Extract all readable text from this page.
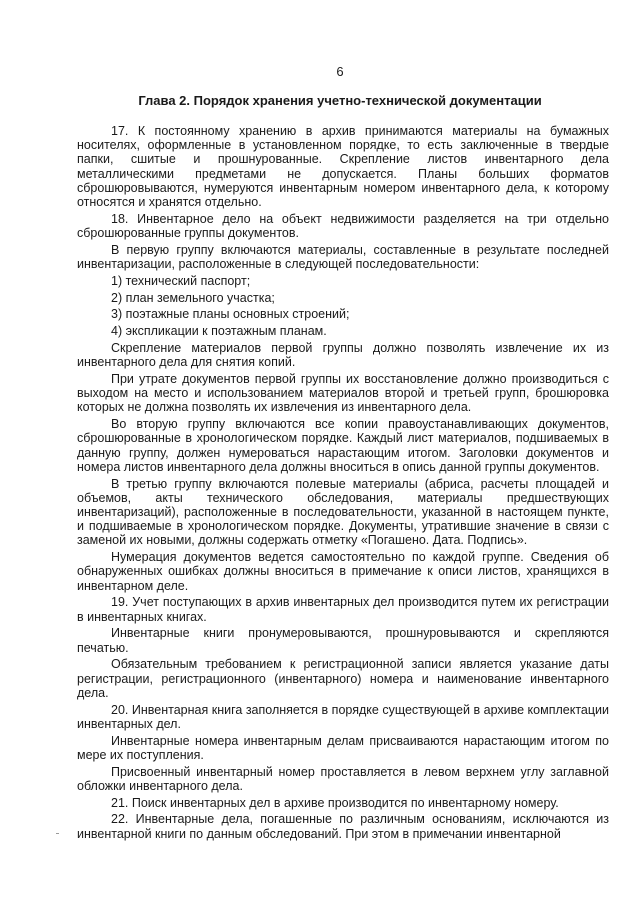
6
Глава 2. Порядок хранения учетно-технической документации

17. К постоянному хранению в архив принимаются материалы на бумажных носителях, оформленные в установленном порядке, то есть заключенные в твердые папки, сшитые и прошнурованные. Скрепление листов инвентарного дела металлическими предметами не допускается. Планы больших форматов сброшюровываются, нумеруются инвентарным номером инвентарного дела, к которому относятся и хранятся отдельно.

18. Инвентарное дело на объект недвижимости разделяется на три отдельно сброшюрованные группы документов.

В первую группу включаются материалы, составленные в результате последней инвентаризации, расположенные в следующей последовательности:

1) технический паспорт;

2) план земельного участка;

3) поэтажные планы основных строений;

4) экспликации к поэтажным планам.

Скрепление материалов первой группы должно позволять извлечение их из инвентарного дела для снятия копий.

При утрате документов первой группы их восстановление должно производиться с выходом на место и использованием материалов второй и третьей групп, брошюровка которых не должна позволять их извлечения из инвентарного дела.

Во вторую группу включаются все копии правоустанавливающих документов, сброшюрованные в хронологическом порядке. Каждый лист материалов, подшиваемых в данную группу, должен нумероваться нарастающим итогом. Заголовки документов и номера листов инвентарного дела должны вноситься в опись данной группы документов.

В третью группу включаются полевые материалы (абриса, расчеты площадей и объемов, акты технического обследования, материалы предшествующих инвентаризаций), расположенные в последовательности, указанной в настоящем пункте, и подшиваемые в хронологическом порядке. Документы, утратившие значение в связи с заменой их новыми, должны содержать отметку «Погашено. Дата. Подпись».

Нумерация документов ведется самостоятельно по каждой группе. Сведения об обнаруженных ошибках должны вноситься в примечание к описи листов, хранящихся в инвентарном деле.

19. Учет поступающих в архив инвентарных дел производится путем их регистрации в инвентарных книгах.

Инвентарные книги пронумеровываются, прошнуровываются и скрепляются печатью.

Обязательным требованием к регистрационной записи является указание даты регистрации, регистрационного (инвентарного) номера и наименование инвентарного дела.

20. Инвентарная книга заполняется в порядке существующей в архиве комплектации инвентарных дел.

Инвентарные номера инвентарным делам присваиваются нарастающим итогом по мере их поступления.

Присвоенный инвентарный номер проставляется в левом верхнем углу заглавной обложки инвентарного дела.

21. Поиск инвентарных дел в архиве производится по инвентарному номеру.

22. Инвентарные дела, погашенные по различным основаниям, исключаются из инвентарной книги по данным обследований. При этом в примечании инвентарной
